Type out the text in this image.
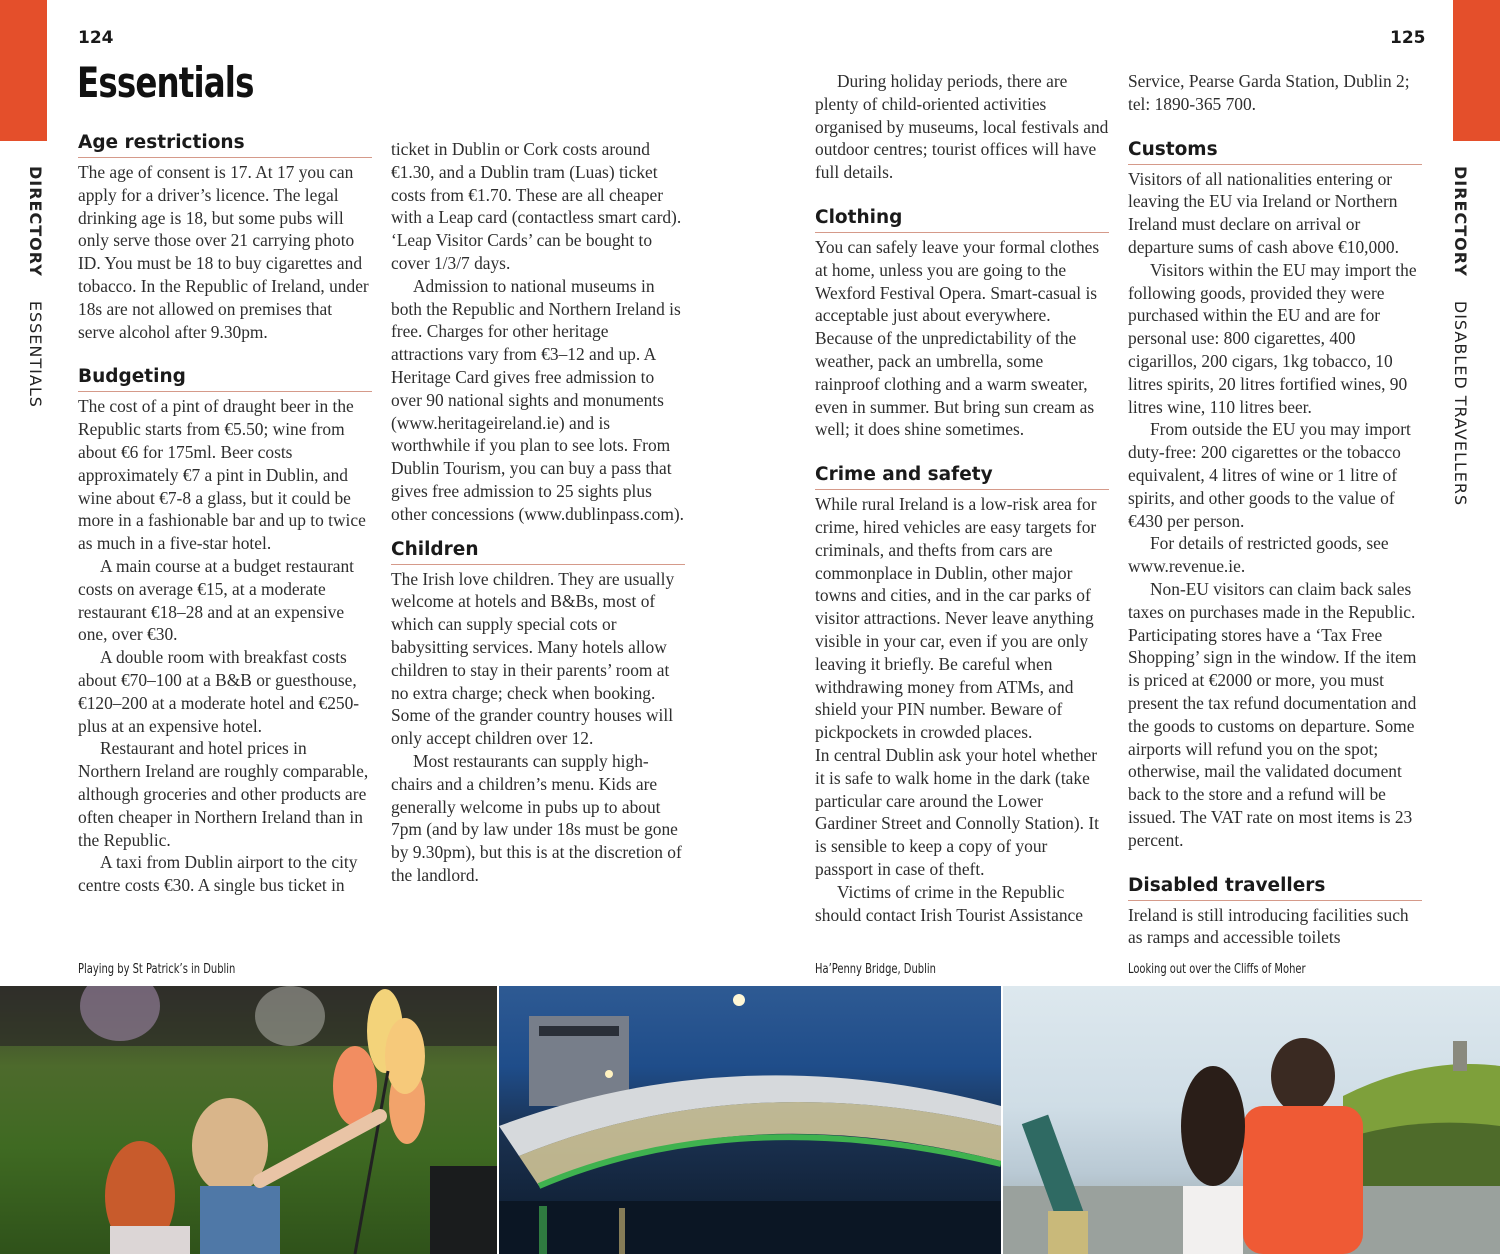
124	125
Essentials
DIRECTORY ESSENTIALS
DIRECTORY DISABLED TRAVELLERS
Age restrictions

The age of consent is 17. At 17 you can apply for a driver’s licence. The legal drinking age is 18, but some pubs will only serve those over 21 carrying photo ID. You must be 18 to buy cigarettes and tobacco. In the Republic of Ireland, under 18s are not allowed on premises that serve alcohol after 9.30pm.

Budgeting

The cost of a pint of draught beer in the Republic starts from €5.50; wine from about €6 for 175ml. Beer costs approximately €7 a pint in Dublin, and wine about €7-8 a glass, but it could be more in a fashionable bar and up to twice as much in a five-star hotel.

A main course at a budget restaurant costs on average €15, at a moderate restaurant €18–28 and at an expensive one, over €30.

A double room with breakfast costs about €70–100 at a B&B or guesthouse, €120–200 at a moderate hotel and €250-plus at an expensive hotel.

Restaurant and hotel prices in Northern Ireland are roughly comparable, although groceries and other products are often cheaper in Northern Ireland than in the Republic.

A taxi from Dublin airport to the city centre costs €30. A single bus ticket in

ticket in Dublin or Cork costs around €1.30, and a Dublin tram (Luas) ticket costs from €1.70. These are all cheaper with a Leap card (contactless smart card). ‘Leap Visitor Cards’ can be bought to cover 1/3/7 days.

Admission to national museums in both the Republic and Northern Ireland is free. Charges for other heritage attractions vary from €3–12 and up. A Heritage Card gives free admission to over 90 national sights and monuments (www.heritageireland.ie) and is worthwhile if you plan to see lots. From Dublin Tourism, you can buy a pass that gives free admission to 25 sights plus other concessions (www.dublinpass.com).

Children

The Irish love children. They are usually welcome at hotels and B&Bs, most of which can supply special cots or babysitting services. Many hotels allow children to stay in their parents’ room at no extra charge; check when booking. Some of the grander country houses will only accept children over 12.

Most restaurants can supply high-chairs and a children’s menu. Kids are generally welcome in pubs up to about 7pm (and by law under 18s must be gone by 9.30pm), but this is at the discretion of the landlord.

During holiday periods, there are plenty of child-oriented activities organised by museums, local festivals and outdoor centres; tourist offices will have full details.

Clothing

You can safely leave your formal clothes at home, unless you are going to the Wexford Festival Opera. Smart-casual is acceptable just about everywhere. Because of the unpredictability of the weather, pack an umbrella, some rainproof clothing and a warm sweater, even in summer. But bring sun cream as well; it does shine sometimes.

Crime and safety

While rural Ireland is a low-risk area for crime, hired vehicles are easy targets for criminals, and thefts from cars are commonplace in Dublin, other major towns and cities, and in the car parks of visitor attractions. Never leave anything visible in your car, even if you are only leaving it briefly. Be careful when withdrawing money from ATMs, and shield your PIN number. Beware of pickpockets in crowded places.

In central Dublin ask your hotel whether it is safe to walk home in the dark (take particular care around the Lower Gardiner Street and Connolly Station). It is sensible to keep a copy of your passport in case of theft.

Victims of crime in the Republic should contact Irish Tourist Assistance

Service, Pearse Garda Station, Dublin 2; tel: 1890-365 700.

Customs

Visitors of all nationalities entering or leaving the EU via Ireland or Northern Ireland must declare on arrival or departure sums of cash above €10,000.

Visitors within the EU may import the following goods, provided they were purchased within the EU and are for personal use: 800 cigarettes, 400 cigarillos, 200 cigars, 1kg tobacco, 10 litres spirits, 20 litres fortified wines, 90 litres wine, 110 litres beer.

From outside the EU you may import duty-free: 200 cigarettes or the tobacco equivalent, 4 litres of wine or 1 litre of spirits, and other goods to the value of €430 per person.

For details of restricted goods, see www.revenue.ie.

Non-EU visitors can claim back sales taxes on purchases made in the Republic. Participating stores have a ‘Tax Free Shopping’ sign in the window. If the item is priced at €2000 or more, you must present the tax refund documentation and the goods to customs on departure. Some airports will refund you on the spot; otherwise, mail the validated document back to the store and a refund will be issued. The VAT rate on most items is 23 percent.

Disabled travellers

Ireland is still introducing facilities such as ramps and accessible toilets

Playing by St Patrick’s in Dublin	Ha’Penny Bridge, Dublin	Looking out over the Cliffs of Moher
